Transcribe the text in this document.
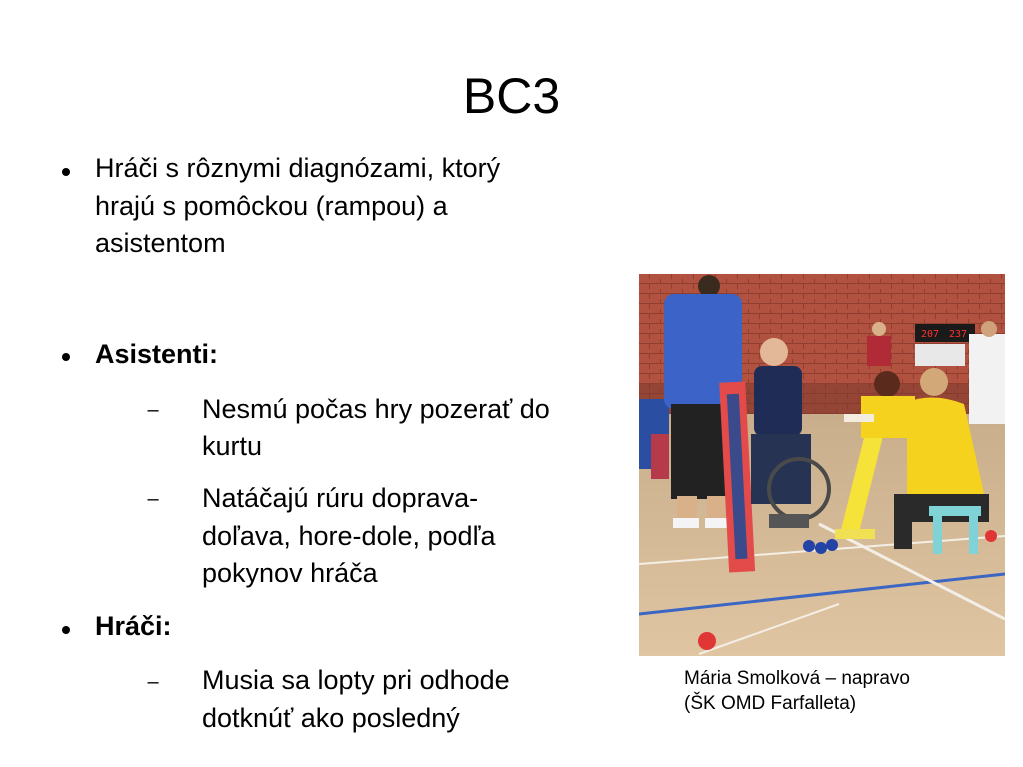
BC3
Hráči s rôznymi diagnózami, ktorý
hrajú s pomôckou (rampou) a
asistentom
Asistenti:
– Nesmú počas hry pozerať do
kurtu
– Natáčajú rúru doprava-
doľava, hore-dole, podľa
pokynov hráča
Hráči:
– Musia sa lopty pri odhode
dotknúť ako posledný
207 237
Mária Smolková – napravo
(ŠK OMD Farfalleta)
